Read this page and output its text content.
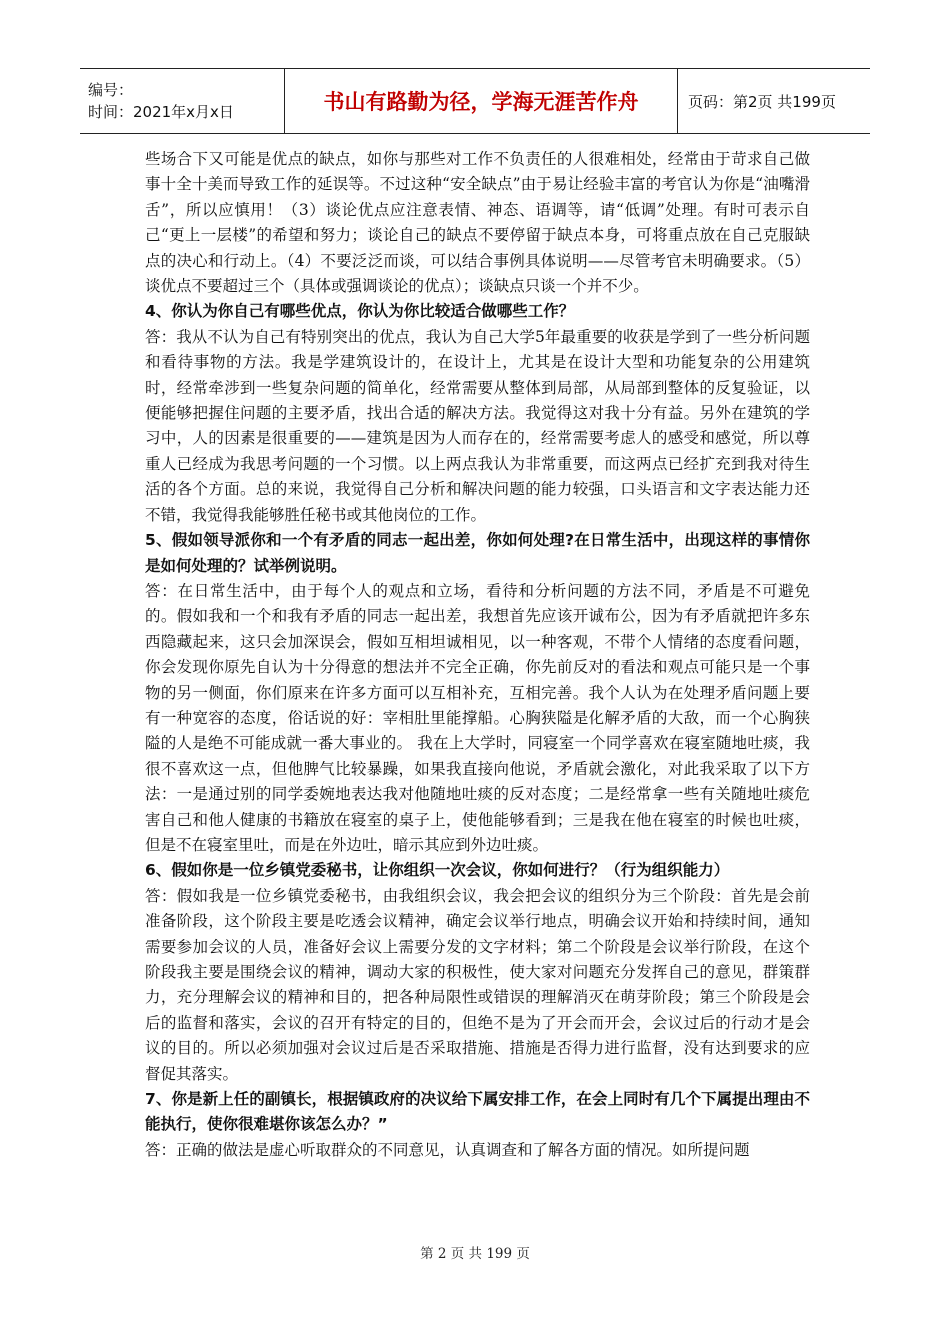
编号：
时间：2021年x月x日	书山有路勤为径，学海无涯苦作舟	页码：第2页 共199页

些场合下又可能是优点的缺点，如你与那些对工作不负责任的人很难相处，经常由于苛求自己做事十全十美而导致工作的延误等。不过这种“安全缺点”由于易让经验丰富的考官认为你是“油嘴滑舌”，所以应慎用！（3）谈论优点应注意表情、神态、语调等，请“低调”处理。有时可表示自己“更上一层楼”的希望和努力；谈论自己的缺点不要停留于缺点本身，可将重点放在自己克服缺点的决心和行动上。（4）不要泛泛而谈，可以结合事例具体说明——尽管考官未明确要求。（5）谈优点不要超过三个（具体或强调谈论的优点）；谈缺点只谈一个并不少。

4、你认为你自己有哪些优点，你认为你比较适合做哪些工作？

答：我从不认为自己有特别突出的优点，我认为自己大学5年最重要的收获是学到了一些分析问题和看待事物的方法。我是学建筑设计的，在设计上，尤其是在设计大型和功能复杂的公用建筑时，经常牵涉到一些复杂问题的简单化，经常需要从整体到局部，从局部到整体的反复验证，以便能够把握住问题的主要矛盾，找出合适的解决方法。我觉得这对我十分有益。另外在建筑的学习中，人的因素是很重要的——建筑是因为人而存在的，经常需要考虑人的感受和感觉，所以尊重人已经成为我思考问题的一个习惯。以上两点我认为非常重要，而这两点已经扩充到我对待生活的各个方面。总的来说，我觉得自己分析和解决问题的能力较强，口头语言和文字表达能力还不错，我觉得我能够胜任秘书或其他岗位的工作。

5、假如领导派你和一个有矛盾的同志一起出差，你如何处理?在日常生活中，出现这样的事情你是如何处理的？试举例说明。

答：在日常生活中，由于每个人的观点和立场，看待和分析问题的方法不同，矛盾是不可避免的。假如我和一个和我有矛盾的同志一起出差，我想首先应该开诚布公，因为有矛盾就把许多东西隐藏起来，这只会加深误会，假如互相坦诚相见，以一种客观，不带个人情绪的态度看问题，你会发现你原先自认为十分得意的想法并不完全正确，你先前反对的看法和观点可能只是一个事物的另一侧面，你们原来在许多方面可以互相补充，互相完善。我个人认为在处理矛盾问题上要有一种宽容的态度，俗话说的好：宰相肚里能撑船。心胸狭隘是化解矛盾的大敌，而一个心胸狭隘的人是绝不可能成就一番大事业的。 我在上大学时，同寝室一个同学喜欢在寝室随地吐痰，我很不喜欢这一点，但他脾气比较暴躁，如果我直接向他说，矛盾就会激化，对此我采取了以下方法：一是通过别的同学委婉地表达我对他随地吐痰的反对态度；二是经常拿一些有关随地吐痰危害自己和他人健康的书籍放在寝室的桌子上，使他能够看到；三是我在他在寝室的时候也吐痰，但是不在寝室里吐，而是在外边吐，暗示其应到外边吐痰。

6、假如你是一位乡镇党委秘书，让你组织一次会议，你如何进行？（行为组织能力）

答：假如我是一位乡镇党委秘书，由我组织会议，我会把会议的组织分为三个阶段：首先是会前准备阶段，这个阶段主要是吃透会议精神，确定会议举行地点，明确会议开始和持续时间，通知需要参加会议的人员，准备好会议上需要分发的文字材料；第二个阶段是会议举行阶段，在这个阶段我主要是围绕会议的精神，调动大家的积极性，使大家对问题充分发挥自己的意见，群策群力，充分理解会议的精神和目的，把各种局限性或错误的理解消灭在萌芽阶段；第三个阶段是会后的监督和落实，会议的召开有特定的目的，但绝不是为了开会而开会，会议过后的行动才是会议的目的。所以必须加强对会议过后是否采取措施、措施是否得力进行监督，没有达到要求的应督促其落实。

7、你是新上任的副镇长，根据镇政府的决议给下属安排工作，在会上同时有几个下属提出理由不能执行，使你很难堪你该怎么办？”

答：正确的做法是虚心听取群众的不同意见，认真调查和了解各方面的情况。如所提问题

第 2 页 共 199 页
